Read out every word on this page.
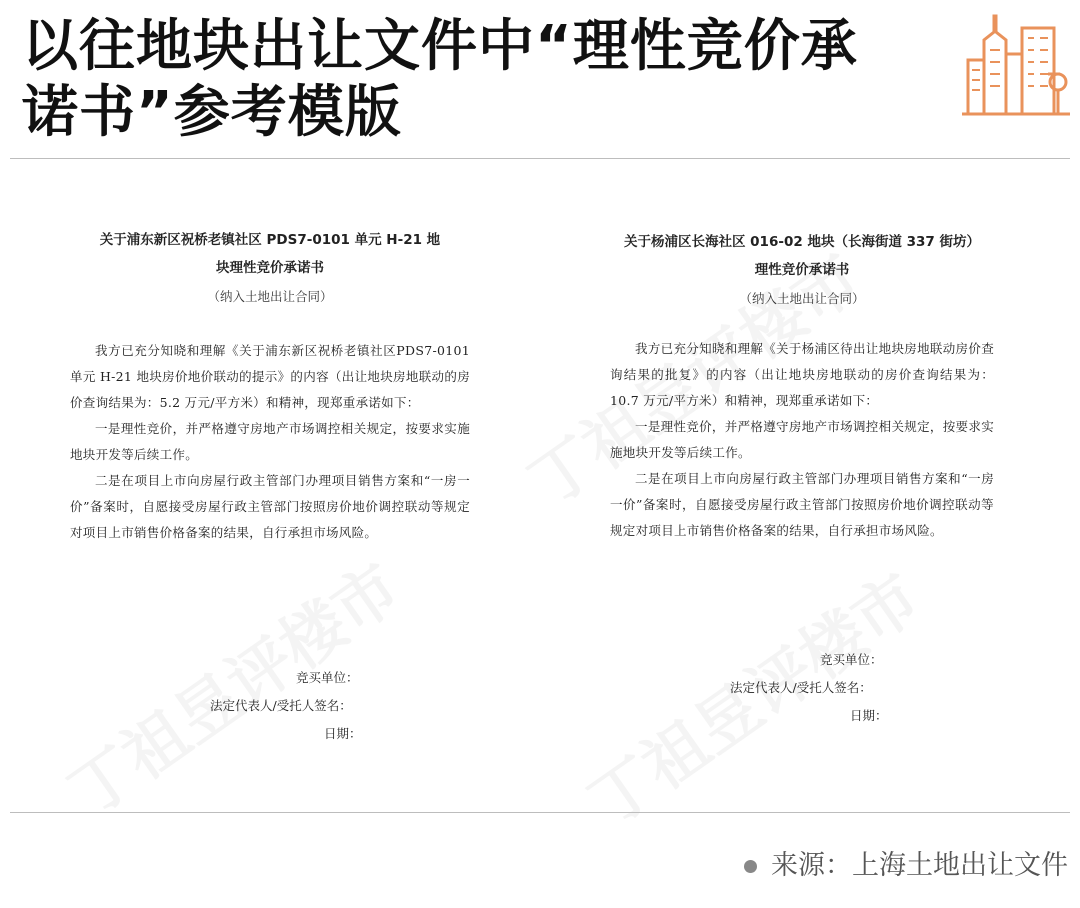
以往地块出让文件中“理性竞价承
诺书”参考模版
关于浦东新区祝桥老镇社区 PDS7-0101 单元 H-21 地
块理性竞价承诺书
（纳入土地出让合同）

我方已充分知晓和理解《关于浦东新区祝桥老镇社区PDS7-0101 单元 H-21 地块房价地价联动的提示》的内容（出让地块房地联动的房价查询结果为：5.2 万元/平方米）和精神，现郑重承诺如下：

一是理性竞价，并严格遵守房地产市场调控相关规定，按要求实施地块开发等后续工作。

二是在项目上市向房屋行政主管部门办理项目销售方案和“一房一价”备案时，自愿接受房屋行政主管部门按照房价地价调控联动等规定对项目上市销售价格备案的结果，自行承担市场风险。

竞买单位：
法定代表人/受托人签名：
日期：
关于杨浦区长海社区 016-02 地块（长海街道 337 街坊）
理性竞价承诺书
（纳入土地出让合同）

我方已充分知晓和理解《关于杨浦区待出让地块房地联动房价查询结果的批复》的内容（出让地块房地联动的房价查询结果为：10.7 万元/平方米）和精神，现郑重承诺如下：

一是理性竞价，并严格遵守房地产市场调控相关规定，按要求实施地块开发等后续工作。

二是在项目上市向房屋行政主管部门办理项目销售方案和“一房一价”备案时，自愿接受房屋行政主管部门按照房价地价调控联动等规定对项目上市销售价格备案的结果，自行承担市场风险。

竞买单位：
法定代表人/受托人签名：
日期：
来源：上海土地出让文件
